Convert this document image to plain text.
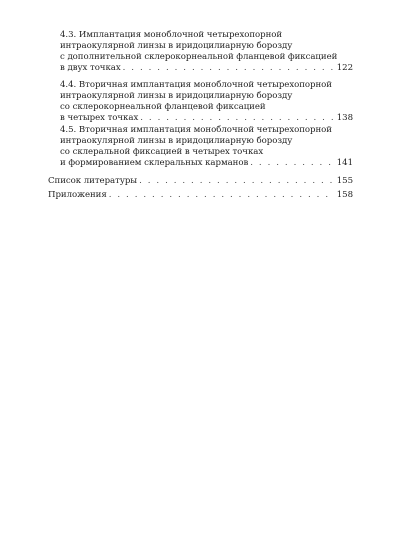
4.3. Имплантация моноблочной четырехопорной
интраокулярной линзы в иридоцилиарную борозду
с дополнительной склерокорнеальной фланцевой фиксацией
в двух точках . . .	122
4.4. Вторичная имплантация моноблочной четырехопорной
интраокулярной линзы в иридоцилиарную борозду
со склерокорнеальной фланцевой фиксацией
в четырех точках . . .	138
4.5. Вторичная имплантация моноблочной четырехопорной
интраокулярной линзы в иридоцилиарную борозду
со склеральной фиксацией в четырех точках
и формированием склеральных карманов . . .	141
Список литературы . . .	155
Приложения . . .	158
